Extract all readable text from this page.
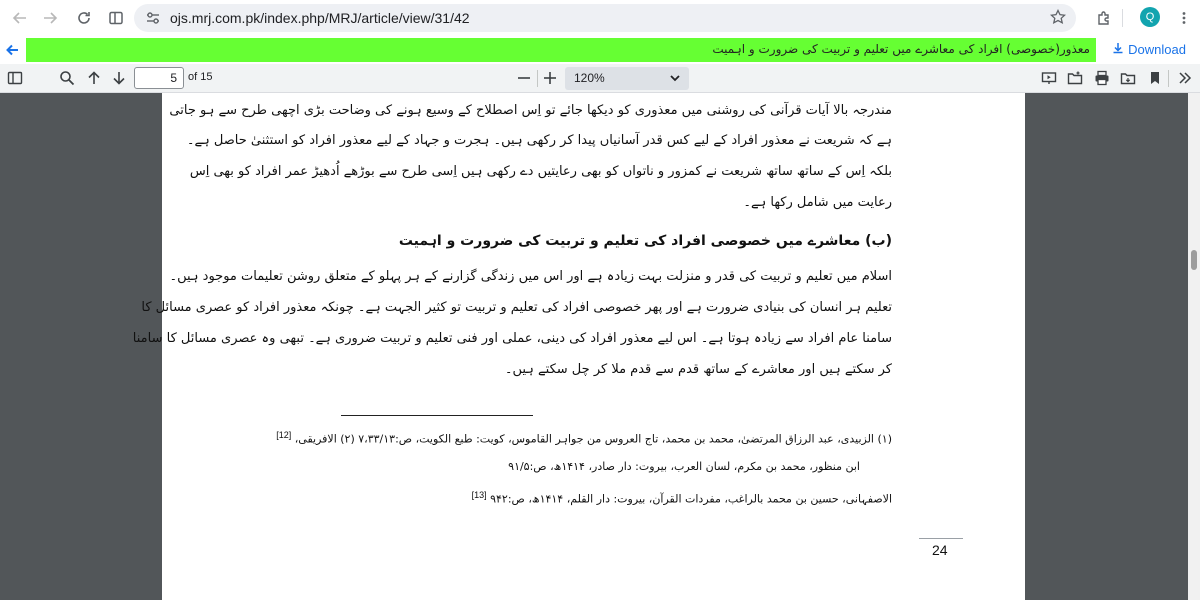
ojs.mrj.com.pk/index.php/MRJ/article/view/31/42	Q
معذور(خصوصی) افراد کی معاشرے میں تعلیم و تربیت کی ضرورت و اہمیت	Download
5	of 15	120%
مندرجہ بالا آیات قرآنی کی روشنی میں معذوری کو دیکھا جائے تو اِس اصطلاح کے وسیع ہونے کی وضاحت بڑی اچھی طرح سے ہو جاتی
ہے کہ شریعت نے معذور افراد کے لیے کس قدر آسانیاں پیدا کر رکھی ہیں۔ ہجرت و جہاد کے لیے معذور افراد کو استثنیٰ حاصل ہے۔
بلکہ اِس کے ساتھ ساتھ شریعت نے کمزور و ناتواں کو بھی رعایتیں دے رکھی ہیں اِسی طرح سے بوڑھے اُدھیڑ عمر افراد کو بھی اِس
رعایت میں شامل رکھا ہے۔
(ب) معاشرے میں خصوصی افراد کی تعلیم و تربیت کی ضرورت و اہمیت
اسلام میں تعلیم و تربیت کی قدر و منزلت بہت زیادہ ہے اور اس میں زندگی گزارنے کے ہر پہلو کے متعلق روشن تعلیمات موجود ہیں۔
تعلیم ہر انسان کی بنیادی ضرورت ہے اور پھر خصوصی افراد کی تعلیم و تربیت تو کثیر الجہت ہے۔ چونکہ معذور افراد کو عصری مسائل کا
سامنا عام افراد سے زیادہ ہوتا ہے۔ اس لیے معذور افراد کی دینی، عملی اور فنی تعلیم و تربیت ضروری ہے۔ تبھی وہ عصری مسائل کا سامنا
کر سکتے ہیں اور معاشرے کے ساتھ قدم سے قدم ملا کر چل سکتے ہیں۔
(۱) الزبیدی، عبد الرزاق المرتضیٰ، محمد بن محمد، تاج العروس من جواہر القاموس، کویت: طبع الکویت، ص:۷،۳۳/۱۳ (۲) الافریقی، [12]
ابن منظور، محمد بن مکرم، لسان العرب، بیروت: دار صادر، ۱۴۱۴ھ، ص:۹۱/۵
الاصفہانی، حسین بن محمد بالراغب، مفردات القرآن، بیروت: دار القلم، ۱۴۱۴ھ، ص:۹۴۲ [13]
24
